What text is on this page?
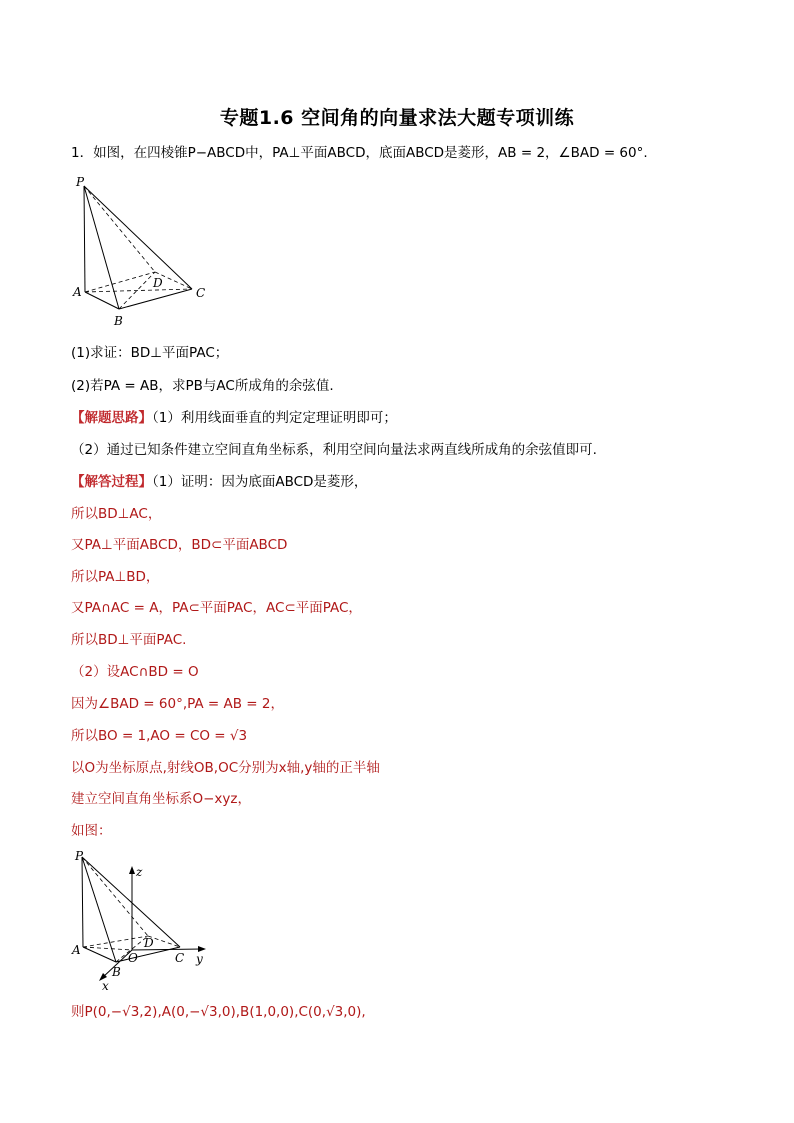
专题1.6 空间角的向量求法大题专项训练
1．如图，在四棱锥P−ABCD中，PA⊥平面ABCD，底面ABCD是菱形，AB = 2，∠BAD = 60°.
P
A
B
C
D
(1)求证：BD⊥平面PAC；
(2)若PA = AB，求PB与AC所成角的余弦值.
【解题思路】（1）利用线面垂直的判定定理证明即可；
（2）通过已知条件建立空间直角坐标系，利用空间向量法求两直线所成角的余弦值即可.
【解答过程】（1）证明：因为底面ABCD是菱形，
所以BD⊥AC，
又PA⊥平面ABCD，BD⊂平面ABCD
所以PA⊥BD，
又PA∩AC = A，PA⊂平面PAC，AC⊂平面PAC，
所以BD⊥平面PAC.
（2）设AC∩BD = O
因为∠BAD = 60°,PA = AB = 2，
所以BO = 1,AO = CO = √3
以O为坐标原点,射线OB,OC分别为x轴,y轴的正半轴
建立空间直角坐标系O−xyz，
如图：
P
A
B
C
D
O
z
y
x
则P(0,−√3,2),A(0,−√3,0),B(1,0,0),C(0,√3,0),
